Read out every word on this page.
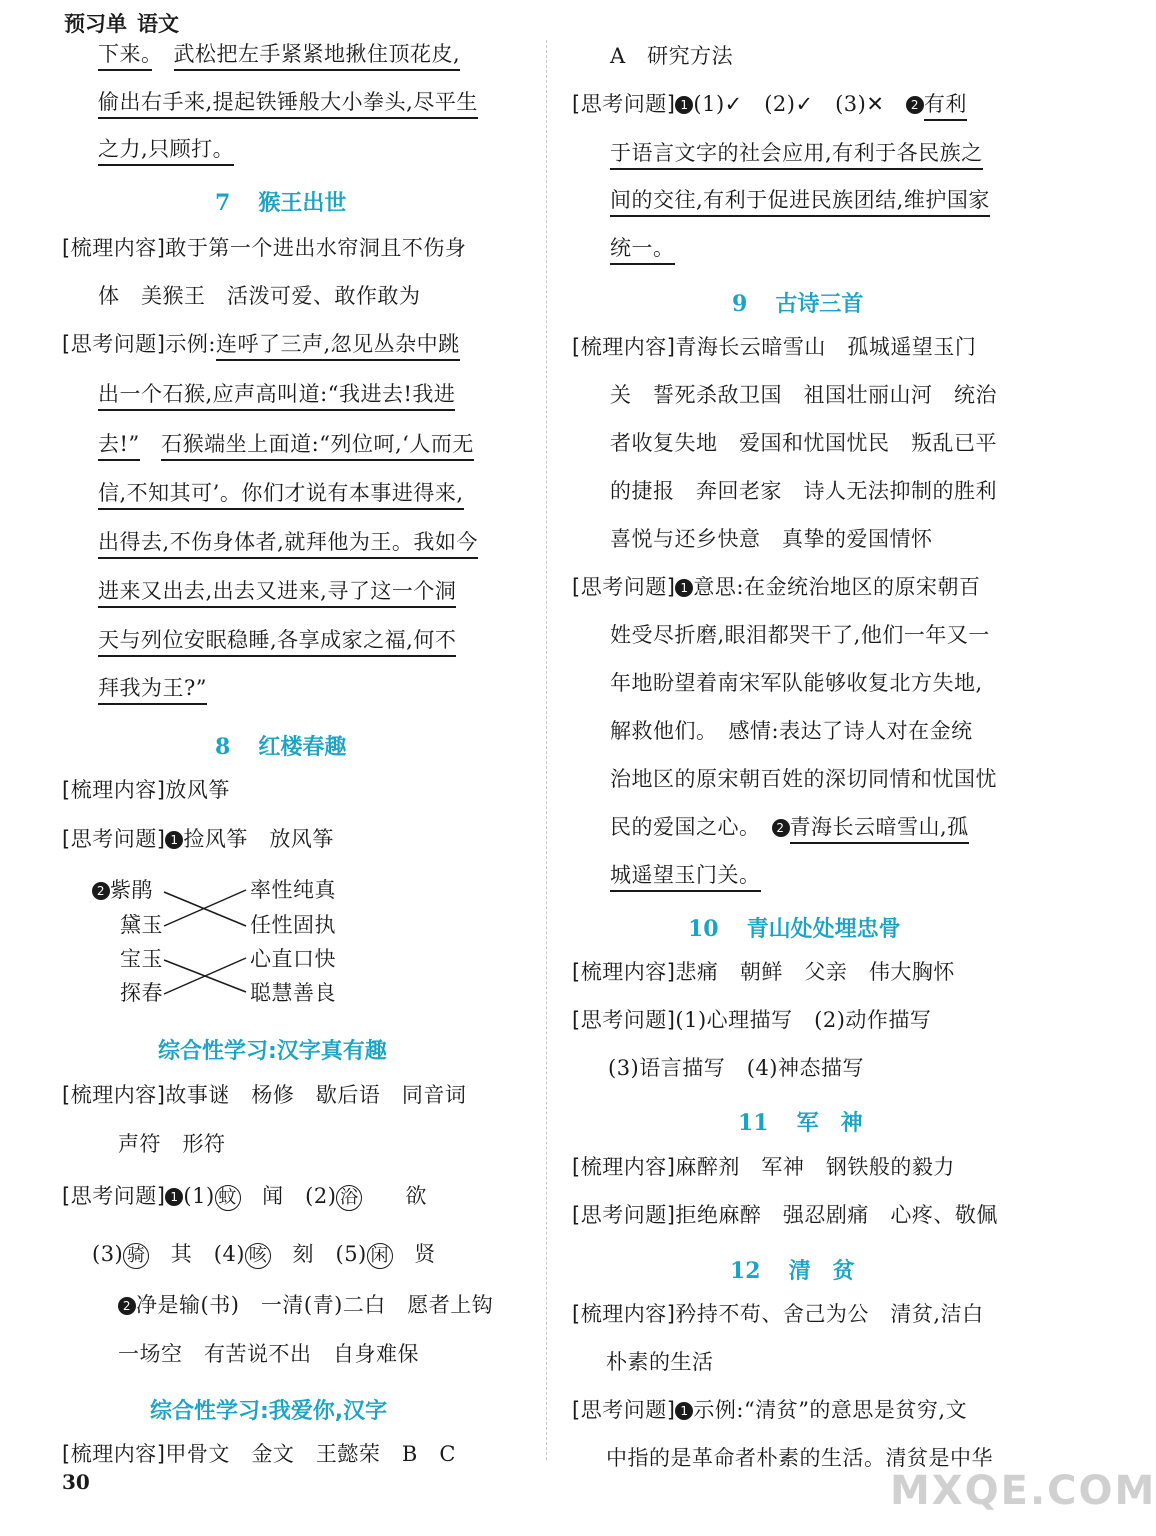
预习单 语文
下来。　 武松把左手紧紧地揪住顶花皮,
偷出右手来,提起铁锤般大小拳头,尽平生
之力,只顾打。
7 猴王出世
[梳理内容]敢于第一个进出水帘洞且不伤身
体　美猴王　活泼可爱、敢作敢为
[思考问题]示例:连呼了三声,忽见丛杂中跳
出一个石猴,应声高叫道:“我进去!我进
去!”　 石猴端坐上面道:“列位呵,‘人而无
信,不知其可’。你们才说有本事进得来,
出得去,不伤身体者,就拜他为王。我如今
进来又出去,出去又进来,寻了这一个洞
天与列位安眠稳睡,各享成家之福,何不
拜我为王?”
8 红楼春趣
[梳理内容]放风筝
[思考问题] 1 捡风筝　放风筝
2 紫鹃
黛玉
宝玉
探春
率性纯真
任性固执
心直口快
聪慧善良
综合性学习:汉字真有趣
[梳理内容]故事谜　杨修　歇后语　同音词
声符　形符
[思考问题] 1 (1) 蚊　 闻　(2) 浴　　 欲
(3) 骑　 其　(4) 咳　 刻　(5) 闲　 贤
2 净是输(书)　一清(青)二白　愿者上钩
一场空　有苦说不出　自身难保
综合性学习:我爱你,汉字
[梳理内容]甲骨文　金文　王懿荣　B　C
A　研究方法
[思考问题] 1 (1)✓　(2)✓　(3)✕　2 有利
于语言文字的社会应用,有利于各民族之
间的交往,有利于促进民族团结,维护国家
统一。
9 古诗三首
[梳理内容]青海长云暗雪山　孤城遥望玉门
关　誓死杀敌卫国　祖国壮丽山河　统治
者收复失地　爱国和忧国忧民　叛乱已平
的捷报　奔回老家　诗人无法抑制的胜利
喜悦与还乡快意　真挚的爱国情怀
[思考问题] 1 意思:在金统治地区的原宋朝百
姓受尽折磨,眼泪都哭干了,他们一年又一
年地盼望着南宋军队能够收复北方失地,
解救他们。　感情:表达了诗人对在金统
治地区的原宋朝百姓的深切同情和忧国忧
民的爱国之心。　 2 青海长云暗雪山,孤
城遥望玉门关。
10 青山处处埋忠骨
[梳理内容]悲痛　朝鲜　父亲　伟大胸怀
[思考问题](1)心理描写　(2)动作描写
(3)语言描写　(4)神态描写
11 军　神
[梳理内容]麻醉剂　军神　钢铁般的毅力
[思考问题]拒绝麻醉　强忍剧痛　心疼、敬佩
12 清　贫
[梳理内容]矜持不苟、舍己为公　清贫,洁白
朴素的生活
[思考问题] 1 示例:“清贫”的意思是贫穷,文
中指的是革命者朴素的生活。清贫是中华
30	MXQE.COM
